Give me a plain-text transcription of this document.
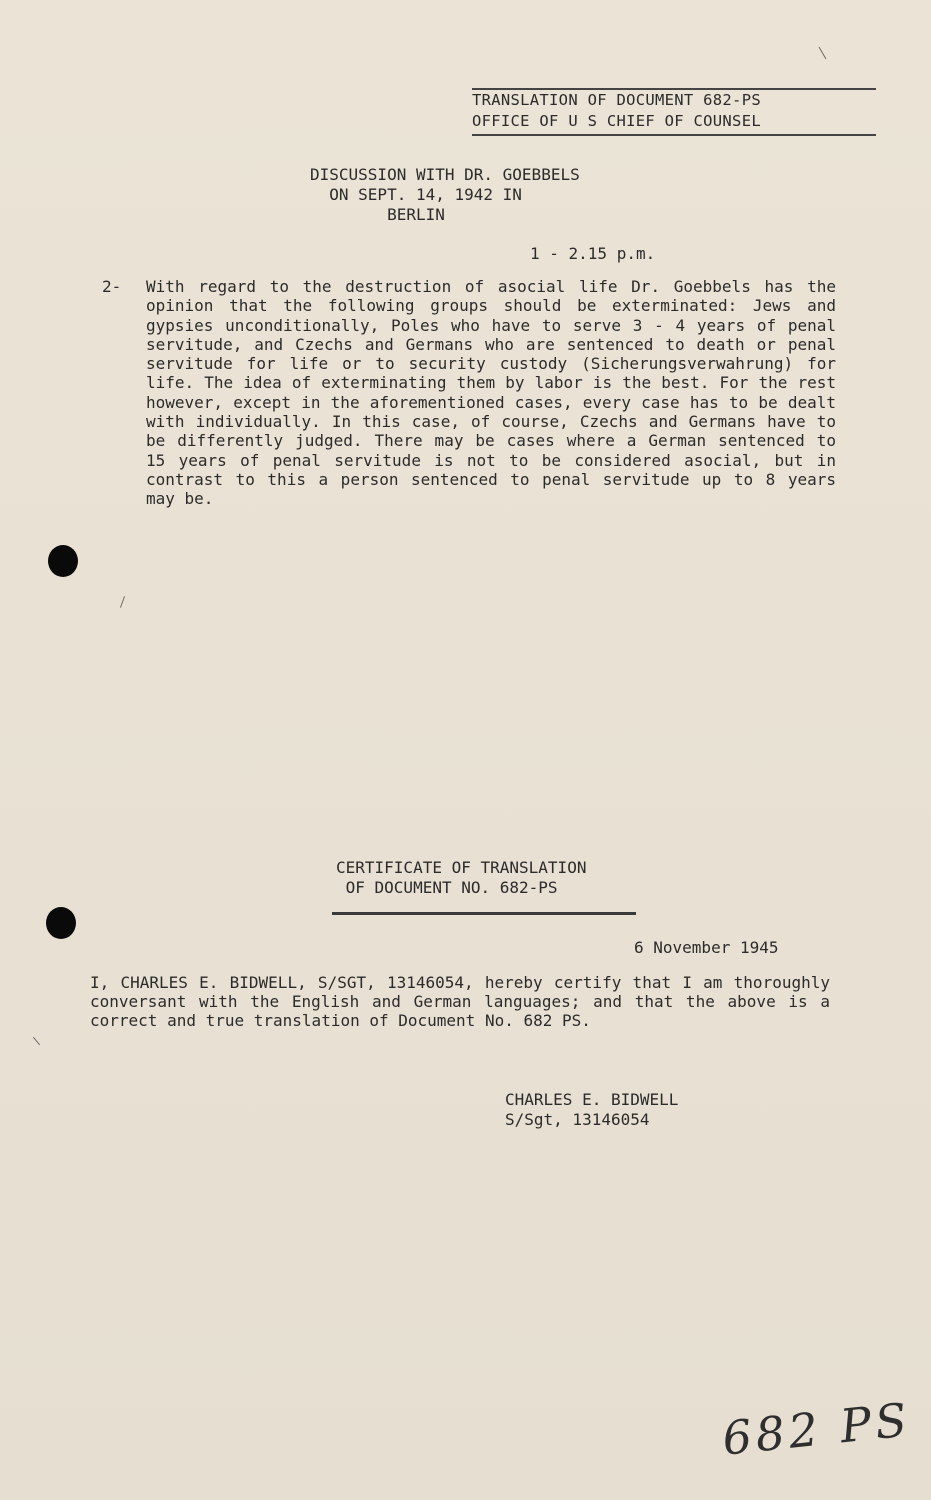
TRANSLATION OF DOCUMENT 682-PS
OFFICE OF U S CHIEF OF COUNSEL
DISCUSSION WITH DR. GOEBBELS
ON SEPT. 14, 1942 IN
BERLIN
1 - 2.15 p.m.
2- With regard to the destruction of asocial life Dr. Goebbels has the opinion that the following groups should be exterminated: Jews and gypsies unconditionally, Poles who have to serve 3 - 4 years of penal servitude, and Czechs and Germans who are sentenced to death or penal servitude for life or to security custody (Sicherungsverwahrung) for life. The idea of exterminating them by labor is the best. For the rest however, except in the aforementioned cases, every case has to be dealt with individually. In this case, of course, Czechs and Germans have to be differently judged. There may be cases where a German sentenced to 15 years of penal servitude is not to be considered asocial, but in contrast to this a person sentenced to penal servitude up to 8 years may be.
CERTIFICATE OF TRANSLATION
OF DOCUMENT NO. 682-PS
6 November 1945
I, CHARLES E. BIDWELL, S/SGT, 13146054, hereby certify that I am thoroughly conversant with the English and German languages; and that the above is a correct and true translation of Document No. 682 PS.
CHARLES E. BIDWELL
S/Sgt, 13146054
682 PS
